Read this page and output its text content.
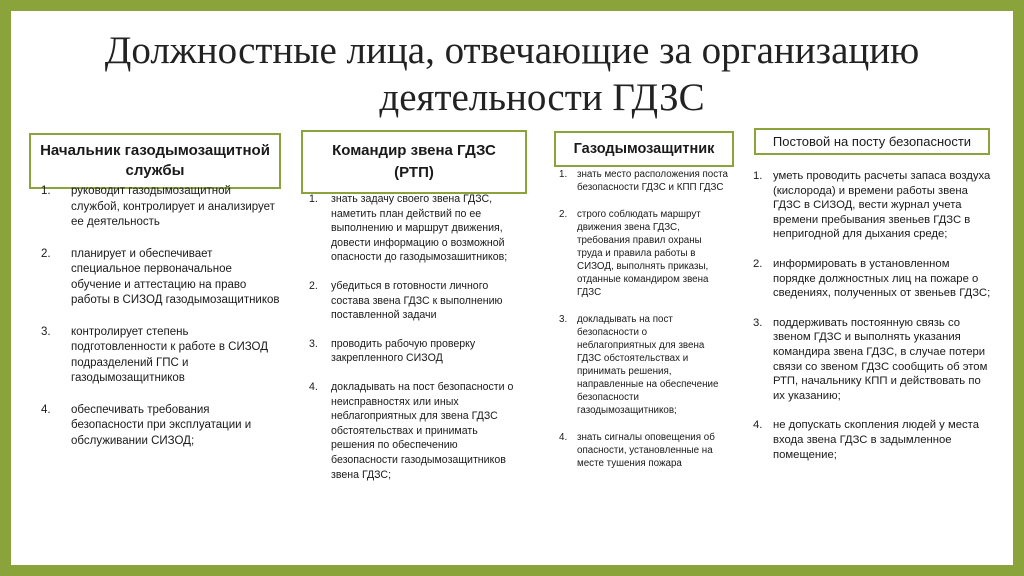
Должностные лица, отвечающие за организацию
деятельности ГДЗС
Начальник газодымозащитной
службы
1.	руководит газодымозащитной службой, контролирует и анализирует ее деятельность
2.	планирует и обеспечивает специальное первоначальное обучение и аттестацию на право работы в СИЗОД газодымозащитников
3.	контролирует степень подготовленности к работе в СИЗОД подразделений ГПС и газодымозащитников
4.	обеспечивать требования безопасности при эксплуатации и обслуживании СИЗОД;
Командир звена ГДЗС
(РТП)
1.	знать задачу своего звена ГДЗС, наметить план действий по ее выполнению и маршрут движения, довести информацию о возможной опасности до газодымозашитников;
2.	убедиться в готовности личного состава звена ГДЗС к выполнению поставленной задачи
3.	проводить рабочую проверку закрепленного СИЗОД
4.	докладывать на пост безопасности о неисправностях или иных неблагоприятных для звена ГДЗС обстоятельствах и принимать решения по обеспечению безопасности газодымозащитников звена ГДЗС;
Газодымозащитник
1.	знать место расположения поста безопасности ГДЗС и КПП ГДЗС
2.	строго соблюдать маршрут движения звена ГДЗС, требования правил охраны труда и правила работы в СИЗОД, выполнять приказы, отданные командиром звена ГДЗС
3.	докладывать на пост безопасности о неблагоприятных для звена ГДЗС обстоятельствах и принимать решения, направленные на обеспечение безопасности газодымозащитников;
4.	знать сигналы оповещения об опасности, установленные на месте тушения пожара
Постовой на посту безопасности
1. уметь проводить расчеты запаса воздуха (кислорода) и времени работы звена ГДЗС в СИЗОД, вести журнал учета времени пребывания звеньев ГДЗС в непригодной для дыхания среде;
2. информировать в установленном порядке должностных лиц на пожаре о сведениях, полученных от звеньев ГДЗС;
3. поддерживать постоянную связь со звеном ГДЗС и выполнять указания командира звена ГДЗС, в случае потери связи со звеном ГДЗС сообщить об этом РТП, начальнику КПП и действовать по их указанию;
4. не допускать скопления людей у места входа звена ГДЗС в задымленное помещение;
